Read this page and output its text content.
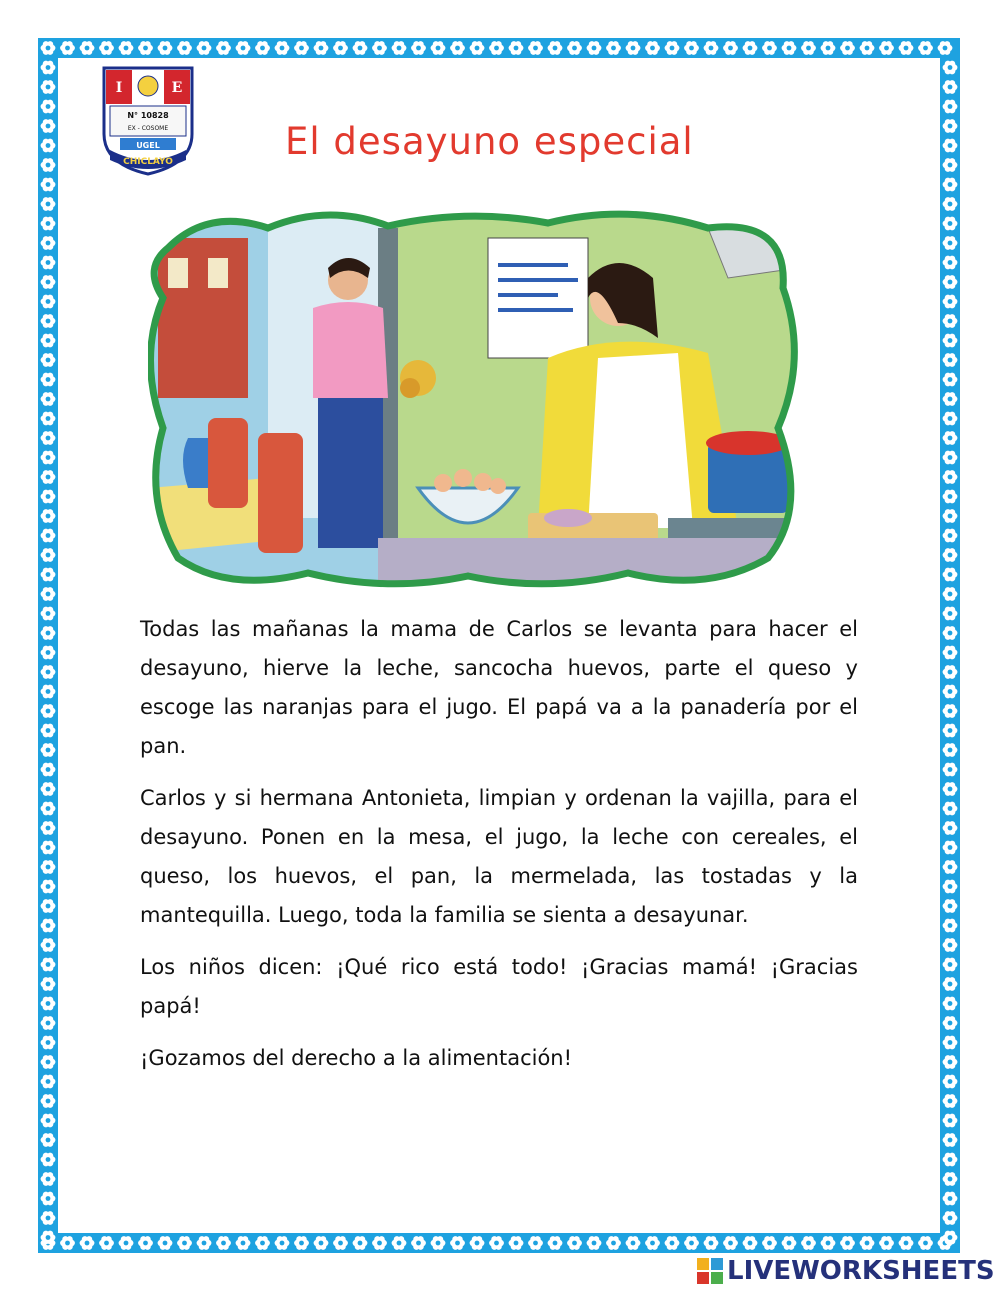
I	E
N° 10828
EX - COSOME
UGEL
CHICLAYO	El desayuno especial

Todas las mañanas la mama de Carlos se levanta para hacer el desayuno, hierve la leche, sancocha huevos, parte el queso y escoge las naranjas para el jugo. El papá va a la panadería por el pan.

Carlos y si hermana Antonieta, limpian y ordenan la vajilla, para el desayuno. Ponen en la mesa, el jugo, la leche con cereales, el queso, los huevos, el pan, la mermelada, las tostadas y la mantequilla. Luego, toda la familia se sienta a desayunar.

Los niños dicen: ¡Qué rico está todo! ¡Gracias mamá! ¡Gracias papá!

¡Gozamos del derecho a la alimentación!

LIVEWORKSHEETS
